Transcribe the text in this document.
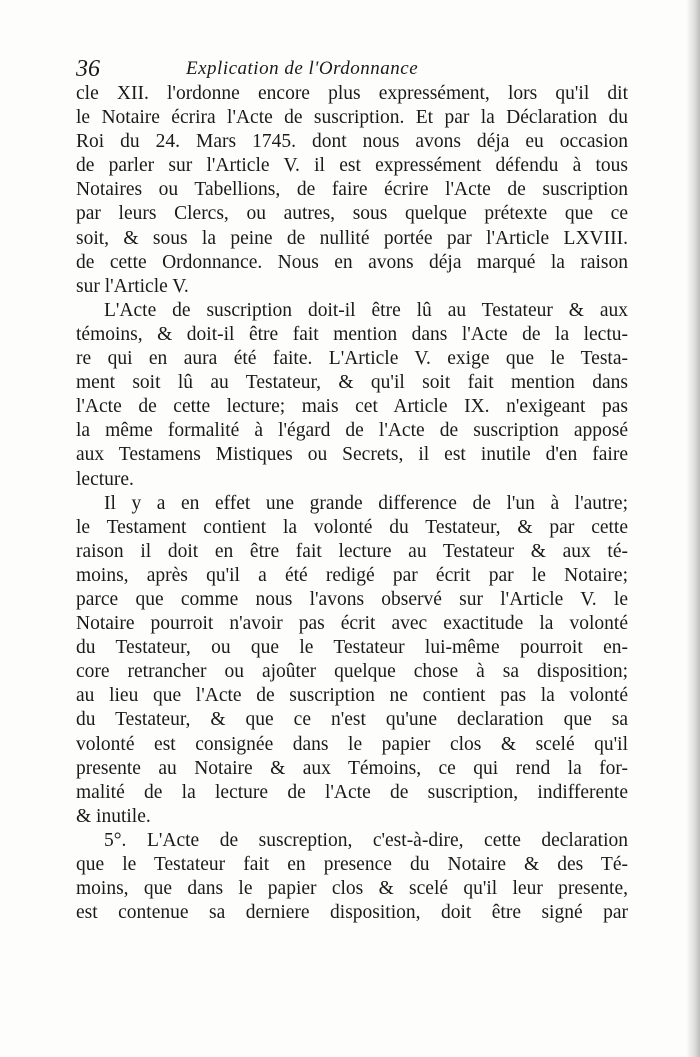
36	Explication de l'Ordonnance
cle XII. l'ordonne encore plus expressément, lors qu'il dit
le Notaire écrira l'Acte de suscription. Et par la Déclaration du
Roi du 24. Mars 1745. dont nous avons déja eu occasion
de parler sur l'Article V. il est expressément défendu à tous
Notaires ou Tabellions, de faire écrire l'Acte de suscription
par leurs Clercs, ou autres, sous quelque prétexte que ce
soit, & sous la peine de nullité portée par l'Article LXVIII.
de cette Ordonnance. Nous en avons déja marqué la raison
sur l'Article V.
L'Acte de suscription doit-il être lû au Testateur & aux
témoins, & doit-il être fait mention dans l'Acte de la lectu-
re qui en aura été faite. L'Article V. exige que le Testa-
ment soit lû au Testateur, & qu'il soit fait mention dans
l'Acte de cette lecture; mais cet Article IX. n'exigeant pas
la même formalité à l'égard de l'Acte de suscription apposé
aux Testamens Mistiques ou Secrets, il est inutile d'en faire
lecture.
Il y a en effet une grande difference de l'un à l'autre;
le Testament contient la volonté du Testateur, & par cette
raison il doit en être fait lecture au Testateur & aux té-
moins, après qu'il a été redigé par écrit par le Notaire;
parce que comme nous l'avons observé sur l'Article V. le
Notaire pourroit n'avoir pas écrit avec exactitude la volonté
du Testateur, ou que le Testateur lui-même pourroit en-
core retrancher ou ajoûter quelque chose à sa disposition;
au lieu que l'Acte de suscription ne contient pas la volonté
du Testateur, & que ce n'est qu'une declaration que sa
volonté est consignée dans le papier clos & scelé qu'il
presente au Notaire & aux Témoins, ce qui rend la for-
malité de la lecture de l'Acte de suscription, indifferente
& inutile.
5°. L'Acte de suscreption, c'est-à-dire, cette declaration
que le Testateur fait en presence du Notaire & des Té-
moins, que dans le papier clos & scelé qu'il leur presente,
est contenue sa derniere disposition, doit être signé par
